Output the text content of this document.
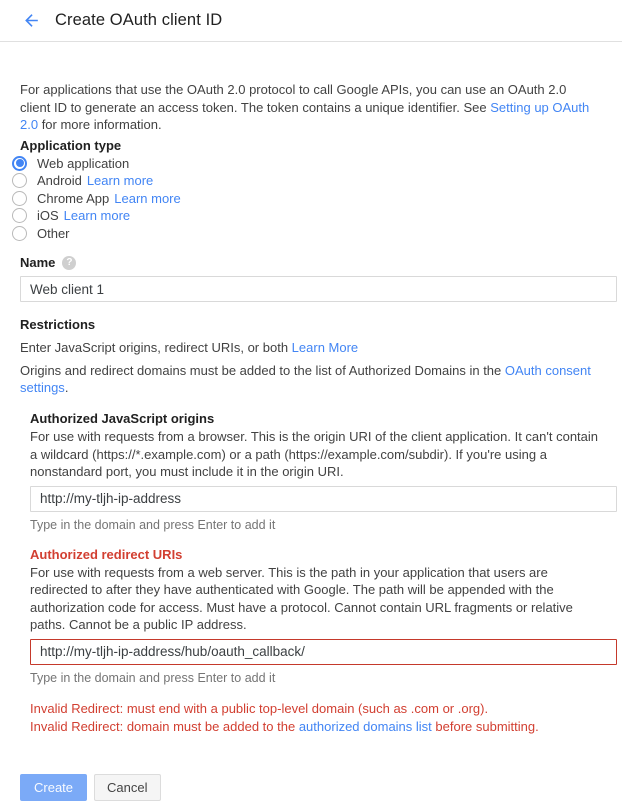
Create OAuth client ID

For applications that use the OAuth 2.0 protocol to call Google APIs, you can use an OAuth 2.0 client ID to generate an access token. The token contains a unique identifier. See Setting up OAuth 2.0 for more information.

Application type
Web application
Android Learn more
Chrome App Learn more
iOS Learn more
Other
Name	?
Web client 1
Restrictions
Enter JavaScript origins, redirect URIs, or both Learn More
Origins and redirect domains must be added to the list of Authorized Domains in the OAuth consent settings.
Authorized JavaScript origins
For use with requests from a browser. This is the origin URI of the client application. It can't contain a wildcard (https://*.example.com) or a path (https://example.com/subdir). If you're using a nonstandard port, you must include it in the origin URI.
http://my-tljh-ip-address
Type in the domain and press Enter to add it
Authorized redirect URIs
For use with requests from a web server. This is the path in your application that users are redirected to after they have authenticated with Google. The path will be appended with the authorization code for access. Must have a protocol. Cannot contain URL fragments or relative paths. Cannot be a public IP address.
http://my-tljh-ip-address/hub/oauth_callback/
Type in the domain and press Enter to add it
Invalid Redirect: must end with a public top-level domain (such as .com or .org).
Invalid Redirect: domain must be added to the authorized domains list before submitting.
Create	Cancel
